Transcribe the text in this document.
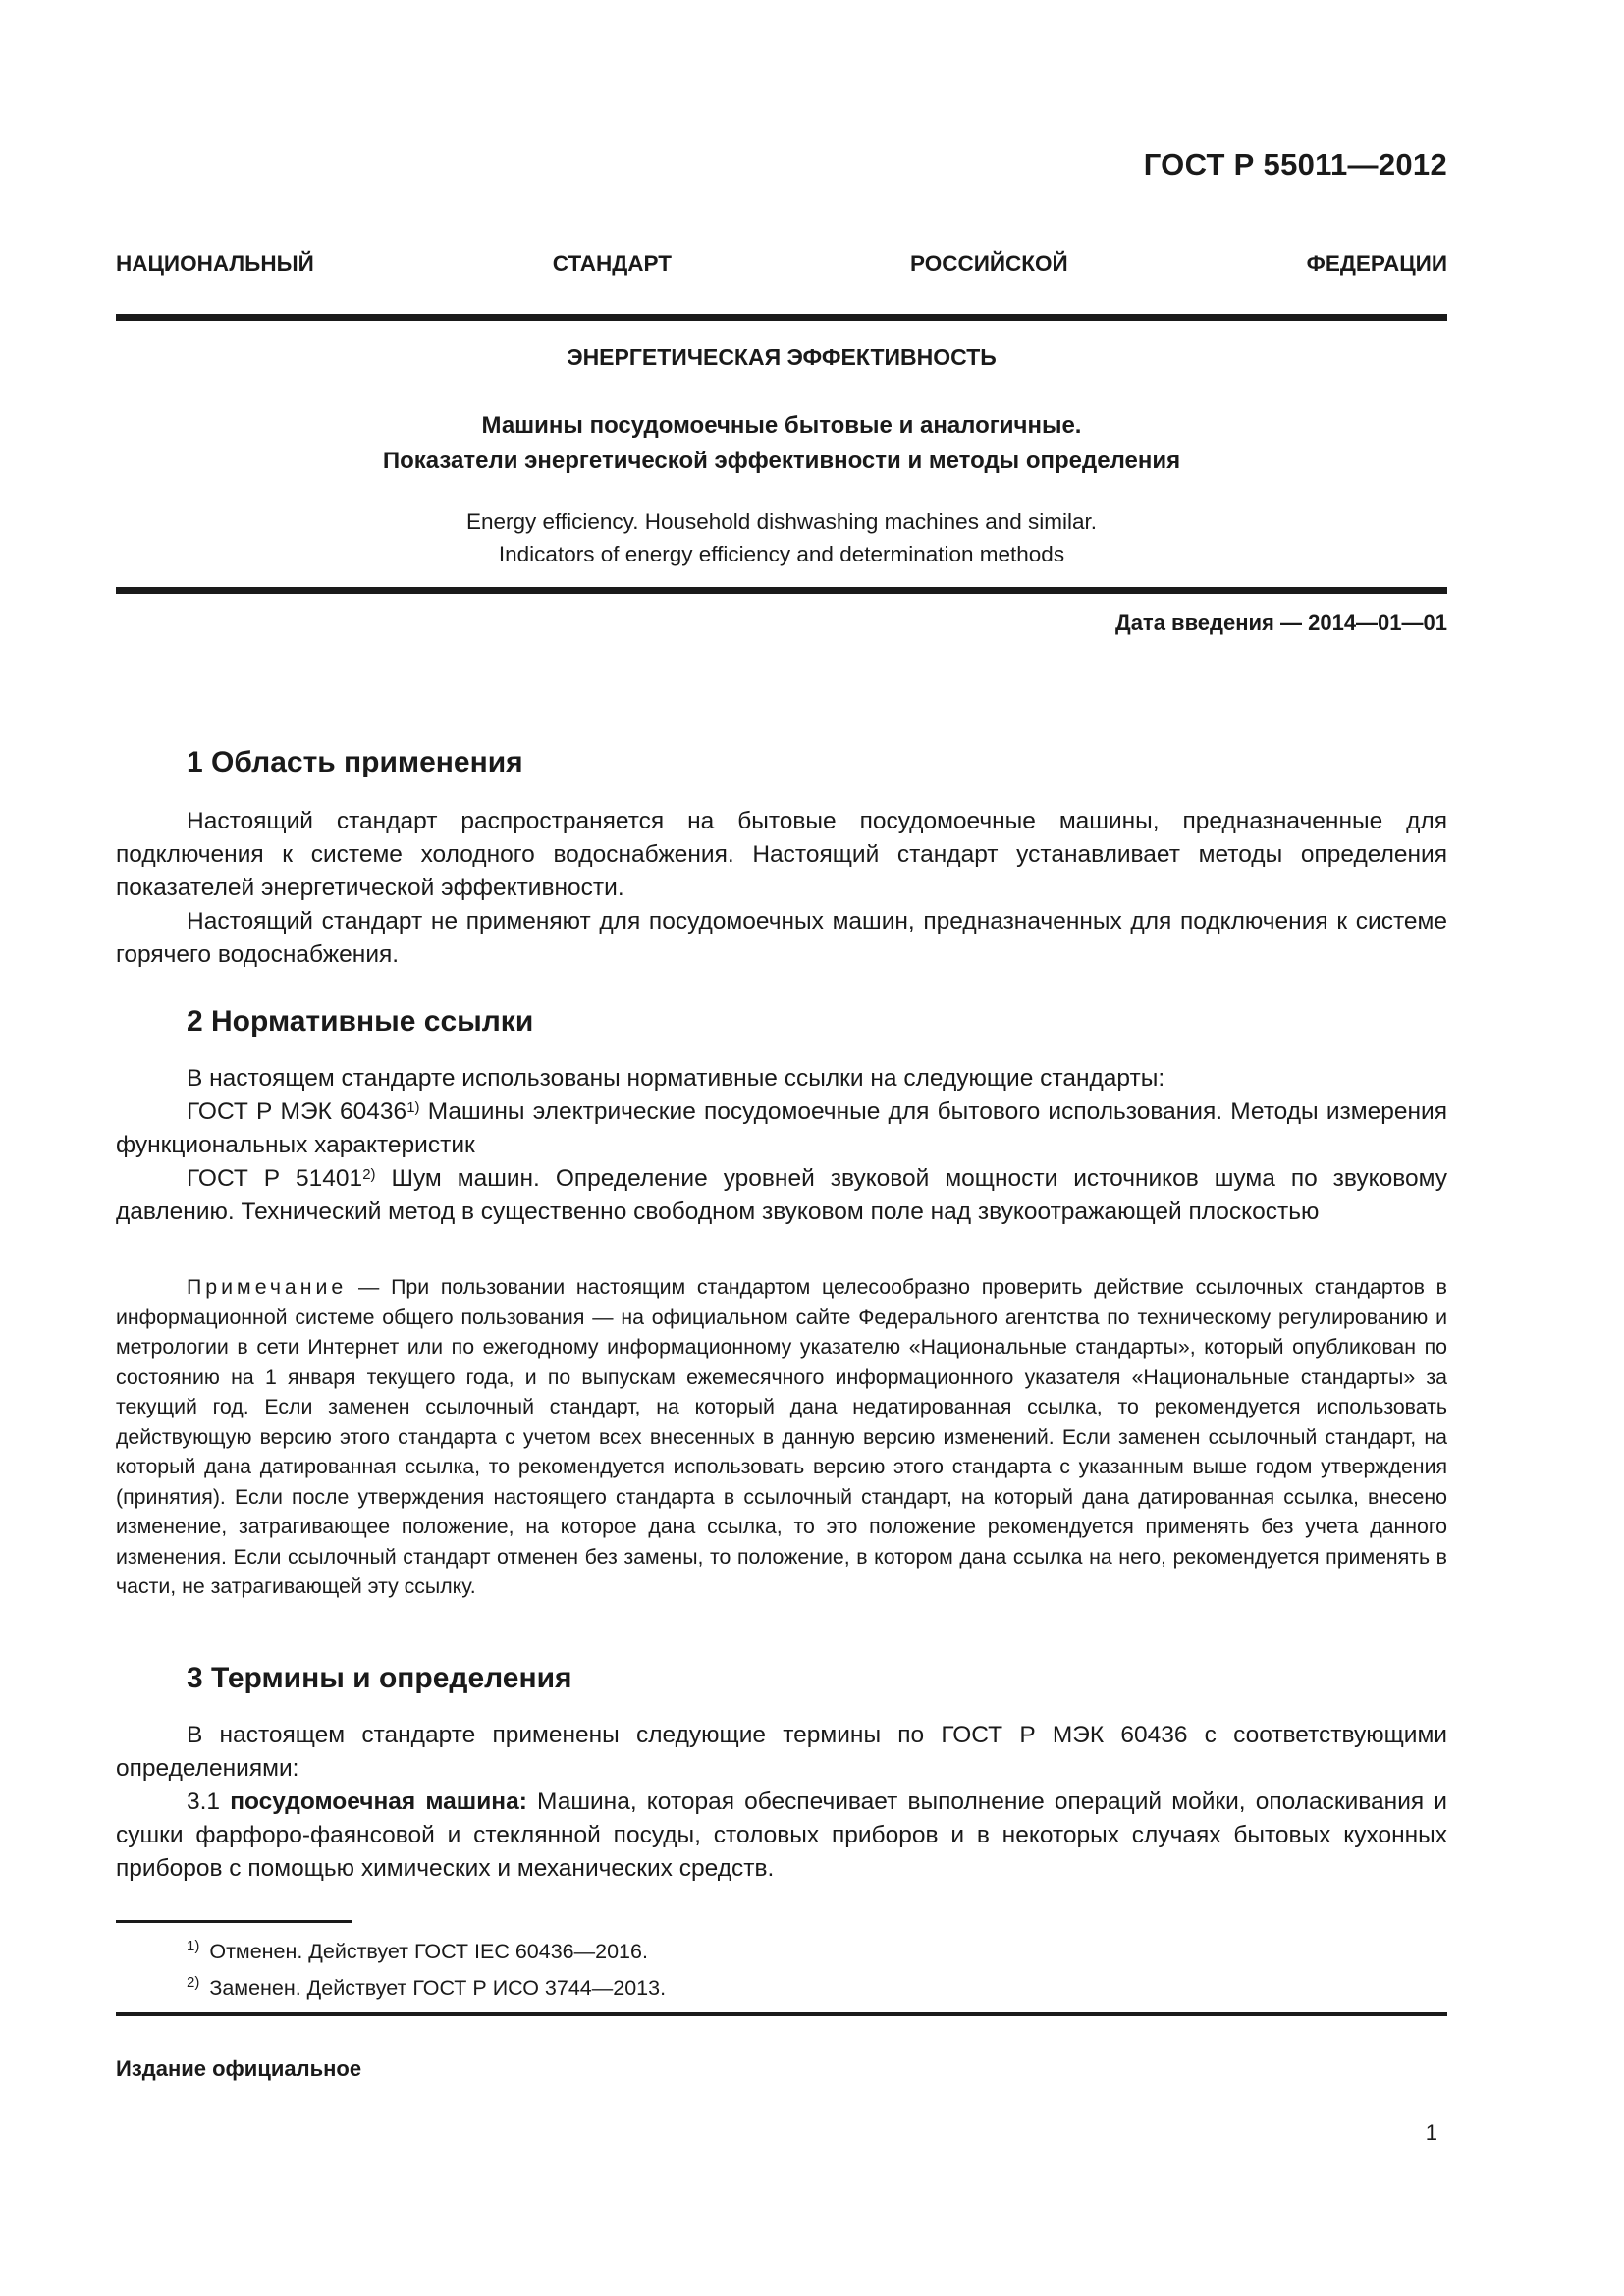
ГОСТ Р 55011—2012
НАЦИОНАЛЬНЫЙ СТАНДАРТ РОССИЙСКОЙ ФЕДЕРАЦИИ
ЭНЕРГЕТИЧЕСКАЯ ЭФФЕКТИВНОСТЬ
Машины посудомоечные бытовые и аналогичные.
Показатели энергетической эффективности и методы определения
Energy efficiency. Household dishwashing machines and similar.
Indicators of energy efficiency and determination methods
Дата введения — 2014—01—01
1 Область применения

Настоящий стандарт распространяется на бытовые посудомоечные машины, предназначенные для подключения к системе холодного водоснабжения. Настоящий стандарт устанавливает методы определения показателей энергетической эффективности.

Настоящий стандарт не применяют для посудомоечных машин, предназначенных для подключения к системе горячего водоснабжения.

2 Нормативные ссылки

В настоящем стандарте использованы нормативные ссылки на следующие стандарты:

ГОСТ Р МЭК 60436$^{1)}$ Машины электрические посудомоечные для бытового использования. Методы измерения функциональных характеристик

ГОСТ Р 51401$^{2)}$ Шум машин. Определение уровней звуковой мощности источников шума по звуковому давлению. Технический метод в существенно свободном звуковом поле над звукоотражающей плоскостью

Примечание — При пользовании настоящим стандартом целесообразно проверить действие ссылочных стандартов в информационной системе общего пользования — на официальном сайте Федерального агентства по техническому регулированию и метрологии в сети Интернет или по ежегодному информационному указателю «Национальные стандарты», который опубликован по состоянию на 1 января текущего года, и по выпускам ежемесячного информационного указателя «Национальные стандарты» за текущий год. Если заменен ссылочный стандарт, на который дана недатированная ссылка, то рекомендуется использовать действующую версию этого стандарта с учетом всех внесенных в данную версию изменений. Если заменен ссылочный стандарт, на который дана датированная ссылка, то рекомендуется использовать версию этого стандарта с указанным выше годом утверждения (принятия). Если после утверждения настоящего стандарта в ссылочный стандарт, на который дана датированная ссылка, внесено изменение, затрагивающее положение, на которое дана ссылка, то это положение рекомендуется применять без учета данного изменения. Если ссылочный стандарт отменен без замены, то положение, в котором дана ссылка на него, рекомендуется применять в части, не затрагивающей эту ссылку.

3 Термины и определения

В настоящем стандарте применены следующие термины по ГОСТ Р МЭК 60436 с соответствующими определениями:

3.1 посудомоечная машина: Машина, которая обеспечивает выполнение операций мойки, ополаскивания и сушки фарфоро-фаянсовой и стеклянной посуды, столовых приборов и в некоторых случаях бытовых кухонных приборов с помощью химических и механических средств.

$^{1)}$ Отменен. Действует ГОСТ IEC 60436—2016.
$^{2)}$ Заменен. Действует ГОСТ Р ИСО 3744—2013.
Издание официальное
1
